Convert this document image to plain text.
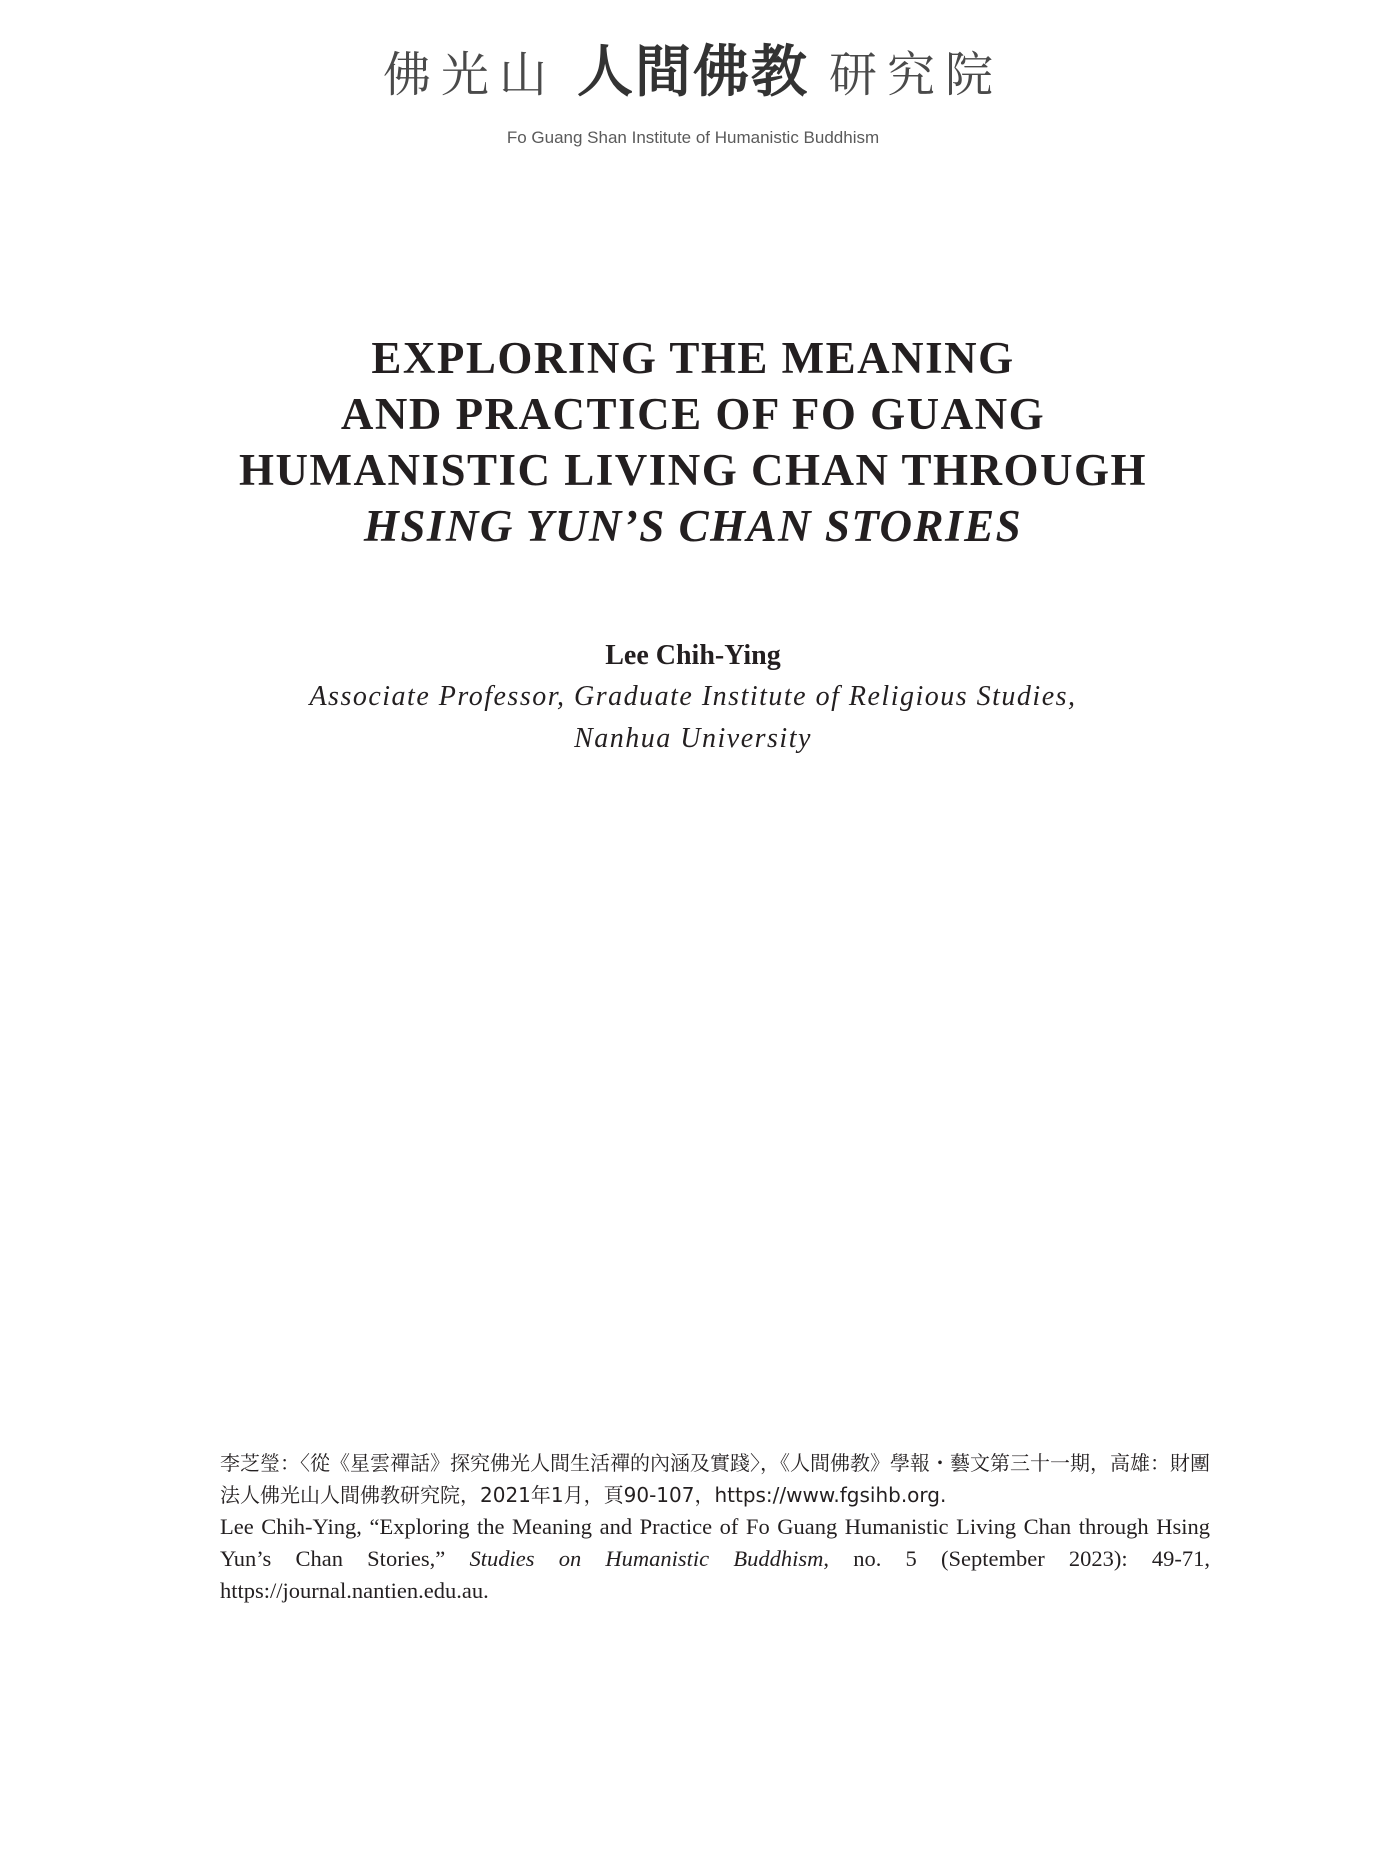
佛光山 人間佛教 研究院
Fo Guang Shan Institute of Humanistic Buddhism
EXPLORING THE MEANING
AND PRACTICE OF FO GUANG
HUMANISTIC LIVING CHAN THROUGH
HSING YUN’S CHAN STORIES
Lee Chih-Ying
Associate Professor, Graduate Institute of Religious Studies,
Nanhua University

李芝瑩：〈從《星雲禪話》探究佛光人間生活禪的內涵及實踐〉，《人間佛教》學報・藝文第三十一期，高雄：財團法人佛光山人間佛教研究院，2021年1月，頁90-107，https://www.fgsihb.org.

Lee Chih-Ying, “Exploring the Meaning and Practice of Fo Guang Humanistic Living Chan through Hsing Yun’s Chan Stories,” Studies on Humanistic Buddhism, no. 5 (September 2023): 49-71, https://journal.nantien.edu.au.
